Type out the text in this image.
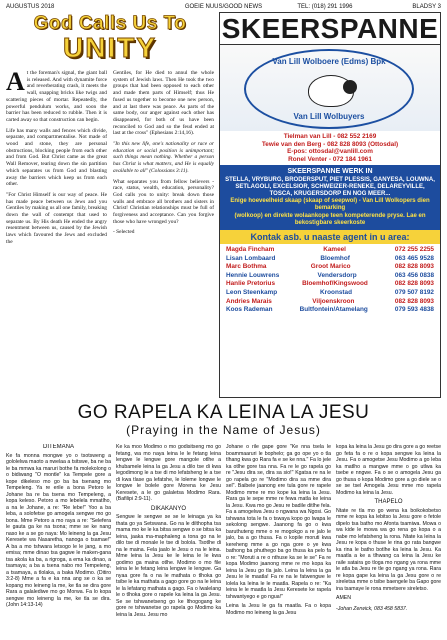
AUGUSTUS 2018	GOEIE NUUS/GOOD NEWS	TEL: (018) 291 1996	BLADSY 3
God Calls Us To
UNITY

At the foreman's signal, the giant ball is released. And with dynamite force and reverberating crash, it meets the wall, snapping bricks like twigs and scattering pieces of mortar. Repeatedly, the powerful pendulum works, and soon the barrier has been reduced to rubble. Then it is carted away so that construction can begin.

Life has many walls and fences which divide, separate, and compartmentalise. Not made of wood and stone, they are personal obstructions, blocking people from each other and from God. But Christ came as the great Wall Remover, tearing down the sin partition which separates us from God and blasting away the barriers which keep us from each other.

"For Christ Himself is our way of peace. He has made peace between us Jews and you Gentiles by making us all one family, breaking down the wall of contempt that used to separate us. By His death He ended the angry resentment between us, caused by the Jewish laws which favoured the Jews and excluded the

Gentiles, for He died to annul the whole system of Jewish laws. Then He took the two groups that had been opposed to each other and made them parts of Himself; thus He fused us together to become one new person, and at last there was peace. As parts of the same body, our anger against each other has disappeared, for both of us have been reconciled to God and so the feud ended at last at the cross" (Ephesians 2:14,16).

"In this new life, one's nationality or race or education or social position is unimportant; such things mean nothing. Whether a person has Christ is what matters, and He is equally available to all" (Colossians 3:11).

What separates you from fellow believers - race, status, wealth, education, personality? God calls you to unity: break down those walls and embrace all brothers and sisters in Christ! Christian relationships must be full of forgiveness and acceptance. Can you forgive those who have wronged you?

- Selected

SKEERSPANNE
Van Lill Wolboere (Edms) Bpk
Van Lill Wolbuyers
Tielman van Lill - 082 552 2169
Tewie van den Berg - 082 828 8093 (Ottosdal)
E-pos: ottosdal@vanlill.com
Ronel Venter - 072 184 1961
SKEERSPANNE WERK IN
STELLA, VRYBURG, BRODERSPUT, PIET PLESSIS, GANYESA, LOUWNA, SETLAGOLI, EXCELSIOR, SCHWEIZER-RENEKE, DELAREYVILLE, TOSCA, KRUGERSDORP EN NOG MEER...
Enige hoeveelheid skaap (skaap of seepwol) - Van Lill Wolkopers dien bemarking
(wolkoop) en direkte wolaankope teen kompeterende pryse. Lae en bekostigbare skeerkoste
Kontak asb. u naaste agent in u area:
Magda Fincham	Kameel	072 255 2255
Lisan Lombaard	Bloemhof	063 465 9528
Marc Bothma	Groot Marico	082 828 8093
Hennie Louwrens	Vendersdorp	063 456 0838
Hanlie Pretorius	Bloemhof/Kingswood	082 828 8093
Leon Steenkamp	Kroonstad	079 507 8192
Andries Marais	Viljoenskroon	082 828 8093
Koos Rademan	Bultfontein/Atamelang	079 593 4838
GO RAPELA KA LEINA LA JESU
(Praying in the Name of Jesus)
DITEMANA
Ke fa monna mongwe yo o tsotsweng a gololelwa maoto a nwelaa a tsitswe, ba ne ba le ba mmwa ka maruri bothe fa molekolong o o bidiwang "O montle" ka Tempele gore a kope dikeleso mo go ba ba tsenang mo Tempeleng. Ya re erile a bona Petoro le Johane ba re ba tsena mo Tempeleng, a kopa keleso. Petoro a mo lebelela mmatlho, a na le Johane, a re: "Re lebe!" Yoo a ba leba, a solofetse go amogela sengwe mo go bona. Mme Petoro a mo raya a re: "Selefera le gauta ga ke na tsona; mme se ke nang naso ke a se go naya: Mo leineng la ga Jesu Keresete wa Nasaretha, nanoga o tsamae!" A ba a mo tshwara letsogo le le jang, a mo emisa; mme dinao tsa gagwe le maken-gana tsa akola ka ba, a rigroga, a ema ka dinao, a tsamaya; a ba a tsena nabo mo Tempeleng, a tsamaya, a tlolaka, a baka Modimo. (Ditiro 3:2-8) Mme a fa e ka nna ang se o ka se kopang mo leineng la me, ke tla se dira gore Rara a galalediwe mo go Morwa. Fa lo kopa sengwe mo leineng la me, ke tla se dira. (John 14:13-14)
Ke ka moo Modimo o mo godisitseng mo go fetang, wa mo naya leina le le fetang leina lengwe le lengwe gore mangole otlhe a khubamele leina la ga Jesu a dilo tse di kwa legodimong le a tse di mo lefatsheng le a tse di kwa tlase ga lefatshe, le loleme longwe le longwe le bolele gore Morena ke Jesu Keresete, a le go galaletsa Modimo Rara. (Bafilipi 2:9-11).
DIKAKANYO
Sengwe le sengwe se se le leinaga ya ka thata go ya Setswana. Go na le dilthopha tsa mama mo ke le ka bitsa sengwe o se bitsa ka leina, jaaka ma-maphaleng a tona go na le dilo tse di monale le tse di bolola. Tsotlhe di na le maina. Fela jaalo le Jesu o na le leina. Mme leina la Jesu ke le leina le le kwa godimo ga maina otlhe. Modimo o mo file leina le le fetang leina lengwe le lengwe. Ga nyaa gore fa o na le mathata o tlhoka go tsibe le ka mathata a gago gore go na le leina le la lefatang mathata a gago. Fa o lwalelang le o tlhoka gore o rapele ka leina la ga Jesu. Se se tshwanetseng go ke lthogogang ke gore re tshwanetse go rapela go Modimo ka leina la Jesu. Jesu mo
Johane o rile gape gore "Ke nna tsela le boammaaruri le bophelo; ga go ope yo o tla tlhang kwa go Rara fa e se ke nna." Fa lo jele ka otlhe gore tsa nna. Fa re le go rapela go re "Jesu dira se, dira sa sio!" Kgatsa re na le go rapela go re "Modimo dira sa mme dira sel". Baibele jaanong ere tula gore re rapele Modimo mme re mo kope ka leina la Jesu. Rara ga le sepe mme re fewa matla ke leina la Jesu. Kwa mo go Jesu re badile ditlhe fela. Fa a amogelwa Jesu o ngwana wa Ngosi. Go tshwana tota le fa o tswaya kopo go lwapa le sekolong sengwe. Jaanong fa go o kwa baruthuteng mme o re mogokgo a re jalo le jalo, ba a go thusa. Fa o kopile moruti kwa kereheng mme a go nga gore o ye kwa bathong ba phuthego ba go thusa ka pelo fa o re: "Moruti a re o nthuse ka se le se" Fa re kopa Modimo jaanong mme re mo kopa ka leina la Jesu go tla jalo. Leina la leina la ga Jesu le le maatla! Fa re na le fatwengwe le lolela ka leina le le maatla. Rapela o re: "Ka leina le le maatla la Jesu Keresete ke rapela tshwantyego e go ngua!"
Leina la Jesu le ga fa maatla. Fa o kopa Modimo mo leineng la ga Jesu
kopa ka leina la Jesu go dira gore a go reetse go feta fa o re o kopa sengwe ka leina la Jesu. Fa o amogetse Jesu Modimo a go leba ka matlho a mangwe mme o go utlwa ka tsebe e nngwe. Fa o se o amogela Jesu ga go thusa o kopa Modimo gore a go diele se o se se tsel Amogela Jesu mme mo rapela Modimo ka leina la Jesu.
THAPELO
Ntate re tla mo go wena ka boikokobetso mme re kopa ka lebitso la Jesu gore o fetole dipelo tsa batho mo Afonta tsamiwa. Mowa o wa kide le mowa wa go rena go kopa o a nabe mo lefatsheng la rona. Ntate ka leina la Jesu re kopa o thuse le rina go rata bangwe ka rina le batho botlhe ka leina la Jesu. Ka maatla a ke a tlhwang ca leina la Jesu ke raile sataira go tloga mo ngang ya rona mme le atla ba Jesu re tle go ngang ya rona. Rara re kopa gape ka leina la ga Jesu gore o re sireletsa mme o tsibe baengele ba Gapo gore ina tsamaye le rona mmetsere sireletso.
AMEN
-Johan Zerwick, 083 458 5837.
